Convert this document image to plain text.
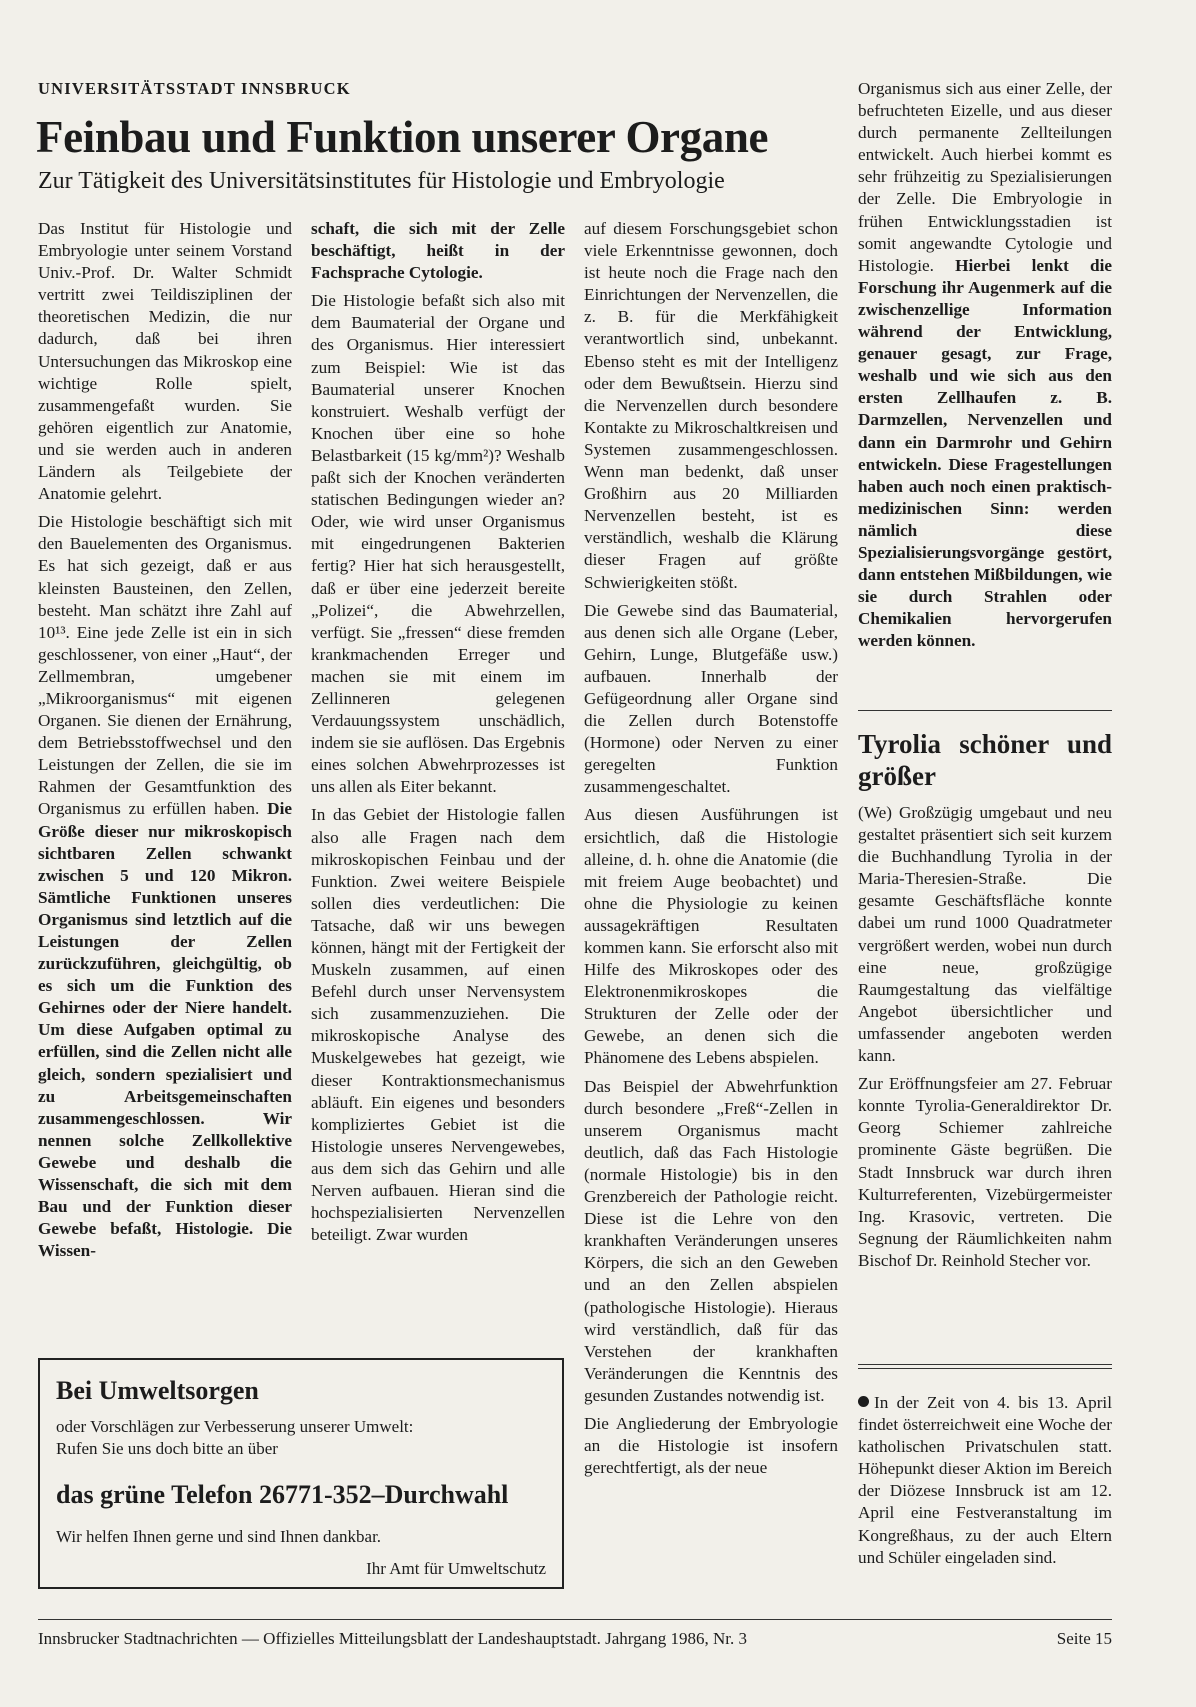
UNIVERSITÄTSSTADT INNSBRUCK
Feinbau und Funktion unserer Organe
Zur Tätigkeit des Universitätsinstitutes für Histologie und Embryologie

Das Institut für Histologie und Embryologie unter seinem Vorstand Univ.-Prof. Dr. Walter Schmidt vertritt zwei Teildisziplinen der theoretischen Medizin, die nur dadurch, daß bei ihren Untersuchungen das Mikroskop eine wichtige Rolle spielt, zusammengefaßt wurden. Sie gehören eigentlich zur Anatomie, und sie werden auch in anderen Ländern als Teilgebiete der Anatomie gelehrt.

Die Histologie beschäftigt sich mit den Bauelementen des Organismus. Es hat sich gezeigt, daß er aus kleinsten Bausteinen, den Zellen, besteht. Man schätzt ihre Zahl auf 10¹³. Eine jede Zelle ist ein in sich geschlossener, von einer „Haut“, der Zellmembran, umgebener „Mikroorganismus“ mit eigenen Organen. Sie dienen der Ernährung, dem Betriebsstoffwechsel und den Leistungen der Zellen, die sie im Rahmen der Gesamtfunktion des Organismus zu erfüllen haben. Die Größe dieser nur mikroskopisch sichtbaren Zellen schwankt zwischen 5 und 120 Mikron. Sämtliche Funktionen unseres Organismus sind letztlich auf die Leistungen der Zellen zurückzuführen, gleichgültig, ob es sich um die Funktion des Gehirnes oder der Niere handelt. Um diese Aufgaben optimal zu erfüllen, sind die Zellen nicht alle gleich, sondern spezialisiert und zu Arbeitsgemeinschaften zusammengeschlossen. Wir nennen solche Zellkollektive Gewebe und deshalb die Wissenschaft, die sich mit dem Bau und der Funktion dieser Gewebe befaßt, Histologie. Die Wissen-

schaft, die sich mit der Zelle beschäftigt, heißt in der Fachsprache Cytologie.

Die Histologie befaßt sich also mit dem Baumaterial der Organe und des Organismus. Hier interessiert zum Beispiel: Wie ist das Baumaterial unserer Knochen konstruiert. Weshalb verfügt der Knochen über eine so hohe Belastbarkeit (15 kg/mm²)? Weshalb paßt sich der Knochen veränderten statischen Bedingungen wieder an? Oder, wie wird unser Organismus mit eingedrungenen Bakterien fertig? Hier hat sich herausgestellt, daß er über eine jederzeit bereite „Polizei“, die Abwehrzellen, verfügt. Sie „fressen“ diese fremden krankmachenden Erreger und machen sie mit einem im Zellinneren gelegenen Verdauungssystem unschädlich, indem sie sie auflösen. Das Ergebnis eines solchen Abwehrprozesses ist uns allen als Eiter bekannt.

In das Gebiet der Histologie fallen also alle Fragen nach dem mikroskopischen Feinbau und der Funktion. Zwei weitere Beispiele sollen dies verdeutlichen: Die Tatsache, daß wir uns bewegen können, hängt mit der Fertigkeit der Muskeln zusammen, auf einen Befehl durch unser Nervensystem sich zusammenzuziehen. Die mikroskopische Analyse des Muskelgewebes hat gezeigt, wie dieser Kontraktionsmechanismus abläuft. Ein eigenes und besonders kompliziertes Gebiet ist die Histologie unseres Nervengewebes, aus dem sich das Gehirn und alle Nerven aufbauen. Hieran sind die hochspezialisierten Nervenzellen beteiligt. Zwar wurden

auf diesem Forschungsgebiet schon viele Erkenntnisse gewonnen, doch ist heute noch die Frage nach den Einrichtungen der Nervenzellen, die z. B. für die Merkfähigkeit verantwortlich sind, unbekannt. Ebenso steht es mit der Intelligenz oder dem Bewußtsein. Hierzu sind die Nervenzellen durch besondere Kontakte zu Mikroschaltkreisen und Systemen zusammengeschlossen. Wenn man bedenkt, daß unser Großhirn aus 20 Milliarden Nervenzellen besteht, ist es verständlich, weshalb die Klärung dieser Fragen auf größte Schwierigkeiten stößt.

Die Gewebe sind das Baumaterial, aus denen sich alle Organe (Leber, Gehirn, Lunge, Blutgefäße usw.) aufbauen. Innerhalb der Gefügeordnung aller Organe sind die Zellen durch Botenstoffe (Hormone) oder Nerven zu einer geregelten Funktion zusammengeschaltet.

Aus diesen Ausführungen ist ersichtlich, daß die Histologie alleine, d. h. ohne die Anatomie (die mit freiem Auge beobachtet) und ohne die Physiologie zu keinen aussagekräftigen Resultaten kommen kann. Sie erforscht also mit Hilfe des Mikroskopes oder des Elektronenmikroskopes die Strukturen der Zelle oder der Gewebe, an denen sich die Phänomene des Lebens abspielen.

Das Beispiel der Abwehrfunktion durch besondere „Freß“-Zellen in unserem Organismus macht deutlich, daß das Fach Histologie (normale Histologie) bis in den Grenzbereich der Pathologie reicht. Diese ist die Lehre von den krankhaften Veränderungen unseres Körpers, die sich an den Geweben und an den Zellen abspielen (pathologische Histologie). Hieraus wird verständlich, daß für das Verstehen der krankhaften Veränderungen die Kenntnis des gesunden Zustandes notwendig ist.

Die Angliederung der Embryologie an die Histologie ist insofern gerechtfertigt, als der neue

Organismus sich aus einer Zelle, der befruchteten Eizelle, und aus dieser durch permanente Zellteilungen entwickelt. Auch hierbei kommt es sehr frühzeitig zu Spezialisierungen der Zelle. Die Embryologie in frühen Entwicklungsstadien ist somit angewandte Cytologie und Histologie. Hierbei lenkt die Forschung ihr Augenmerk auf die zwischenzellige Information während der Entwicklung, genauer gesagt, zur Frage, weshalb und wie sich aus den ersten Zellhaufen z. B. Darmzellen, Nervenzellen und dann ein Darmrohr und Gehirn entwickeln. Diese Fragestellungen haben auch noch einen praktisch-medizinischen Sinn: werden nämlich diese Spezialisierungsvorgänge gestört, dann entstehen Mißbildungen, wie sie durch Strahlen oder Chemikalien hervorgerufen werden können.

Tyrolia schöner und größer

(We) Großzügig umgebaut und neu gestaltet präsentiert sich seit kurzem die Buchhandlung Tyrolia in der Maria-Theresien-Straße. Die gesamte Geschäftsfläche konnte dabei um rund 1000 Quadratmeter vergrößert werden, wobei nun durch eine neue, großzügige Raumgestaltung das vielfältige Angebot übersichtlicher und umfassender angeboten werden kann.

Zur Eröffnungsfeier am 27. Februar konnte Tyrolia-Generaldirektor Dr. Georg Schiemer zahlreiche prominente Gäste begrüßen. Die Stadt Innsbruck war durch ihren Kulturreferenten, Vizebürgermeister Ing. Krasovic, vertreten. Die Segnung der Räumlichkeiten nahm Bischof Dr. Reinhold Stecher vor.

In der Zeit von 4. bis 13. April findet österreichweit eine Woche der katholischen Privatschulen statt. Höhepunkt dieser Aktion im Bereich der Diözese Innsbruck ist am 12. April eine Festveranstaltung im Kongreßhaus, zu der auch Eltern und Schüler eingeladen sind.

Bei Umweltsorgen

oder Vorschlägen zur Verbesserung unserer Umwelt:

Rufen Sie uns doch bitte an über

das grüne Telefon 26771-352–Durchwahl

Wir helfen Ihnen gerne und sind Ihnen dankbar.

Ihr Amt für Umweltschutz

Innsbrucker Stadtnachrichten — Offizielles Mitteilungsblatt der Landeshauptstadt. Jahrgang 1986, Nr. 3	Seite 15
